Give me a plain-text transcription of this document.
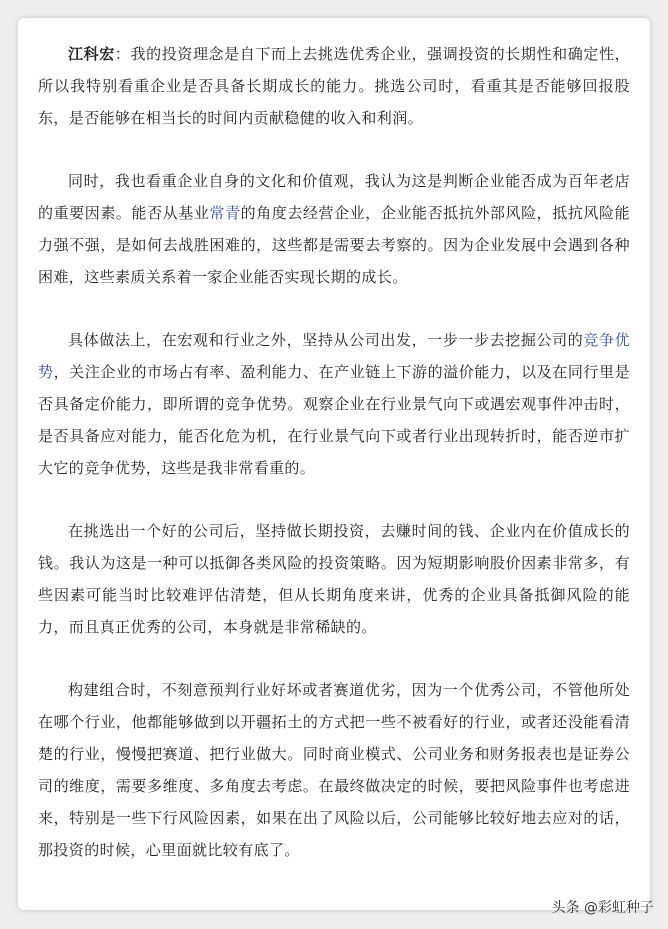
江科宏：我的投资理念是自下而上去挑选优秀企业，强调投资的长期性和确定性，所以我特别看重企业是否具备长期成长的能力。挑选公司时，看重其是否能够回报股东，是否能够在相当长的时间内贡献稳健的收入和利润。

同时，我也看重企业自身的文化和价值观，我认为这是判断企业能否成为百年老店的重要因素。能否从基业常青的角度去经营企业，企业能否抵抗外部风险，抵抗风险能力强不强，是如何去战胜困难的，这些都是需要去考察的。因为企业发展中会遇到各种困难，这些素质关系着一家企业能否实现长期的成长。

具体做法上，在宏观和行业之外，坚持从公司出发，一步一步去挖掘公司的竞争优势，关注企业的市场占有率、盈利能力、在产业链上下游的溢价能力，以及在同行里是否具备定价能力，即所谓的竞争优势。观察企业在行业景气向下或遇宏观事件冲击时，是否具备应对能力，能否化危为机，在行业景气向下或者行业出现转折时，能否逆市扩大它的竞争优势，这些是我非常看重的。

在挑选出一个好的公司后，坚持做长期投资，去赚时间的钱、企业内在价值成长的钱。我认为这是一种可以抵御各类风险的投资策略。因为短期影响股价因素非常多，有些因素可能当时比较难评估清楚，但从长期角度来讲，优秀的企业具备抵御风险的能力，而且真正优秀的公司，本身就是非常稀缺的。

构建组合时，不刻意预判行业好坏或者赛道优劣，因为一个优秀公司，不管他所处在哪个行业，他都能够做到以开疆拓土的方式把一些不被看好的行业，或者还没能看清楚的行业，慢慢把赛道、把行业做大。同时商业模式、公司业务和财务报表也是证券公司的维度，需要多维度、多角度去考虑。在最终做决定的时候，要把风险事件也考虑进来，特别是一些下行风险因素，如果在出了风险以后，公司能够比较好地去应对的话，那投资的时候，心里面就比较有底了。

头条 @彩虹种子
